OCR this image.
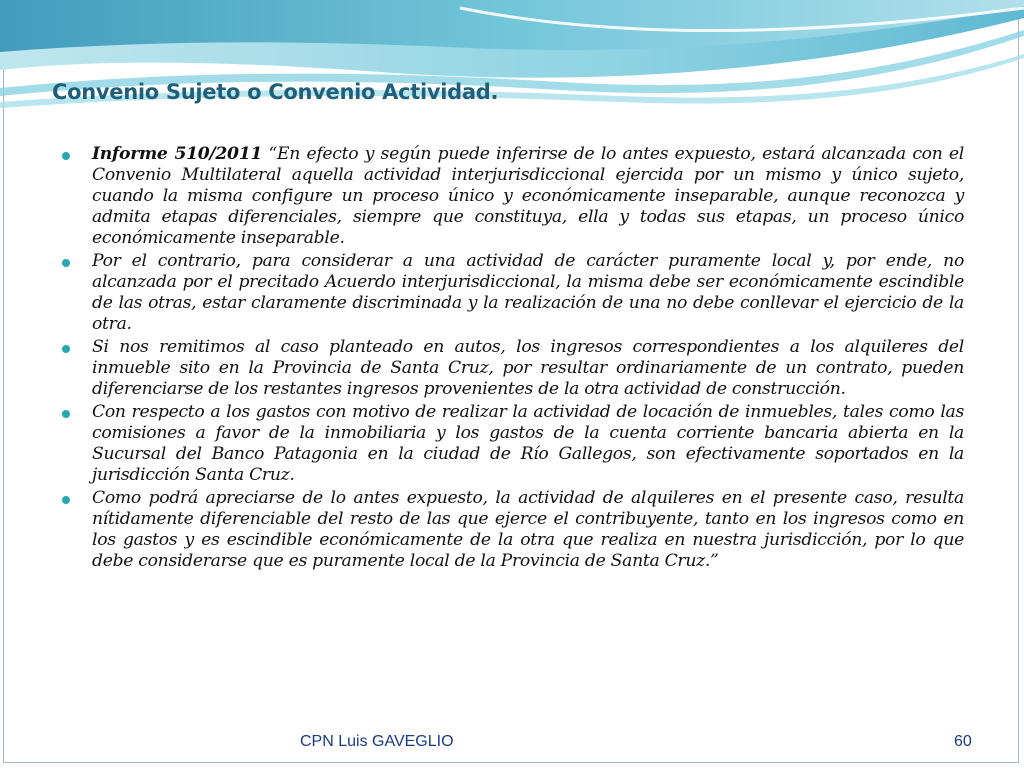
Convenio Sujeto o Convenio Actividad.
Informe 510/2011 “En efecto y según puede inferirse de lo antes expuesto, estará alcanzada con el Convenio Multilateral aquella actividad interjurisdiccional ejercida por un mismo y único sujeto, cuando la misma configure un proceso único y económicamente inseparable, aunque reconozca y admita etapas diferenciales, siempre que constituya, ella y todas sus etapas, un proceso único económicamente inseparable.
Por el contrario, para considerar a una actividad de carácter puramente local y, por ende, no alcanzada por el precitado Acuerdo interjurisdiccional, la misma debe ser económicamente escindible de las otras, estar claramente discriminada y la realización de una no debe conllevar el ejercicio de la otra.
Si nos remitimos al caso planteado en autos, los ingresos correspondientes a los alquileres del inmueble sito en la Provincia de Santa Cruz, por resultar ordinariamente de un contrato, pueden diferenciarse de los restantes ingresos provenientes de la otra actividad de construcción.
Con respecto a los gastos con motivo de realizar la actividad de locación de inmuebles, tales como las comisiones a favor de la inmobiliaria y los gastos de la cuenta corriente bancaria abierta en la Sucursal del Banco Patagonia en la ciudad de Río Gallegos, son efectivamente soportados en la jurisdicción Santa Cruz.
Como podrá apreciarse de lo antes expuesto, la actividad de alquileres en el presente caso, resulta nítidamente diferenciable del resto de las que ejerce el contribuyente, tanto en los ingresos como en los gastos y es escindible económicamente de la otra que realiza en nuestra jurisdicción, por lo que debe considerarse que es puramente local de la Provincia de Santa Cruz.”
CPN Luis GAVEGLIO	60
